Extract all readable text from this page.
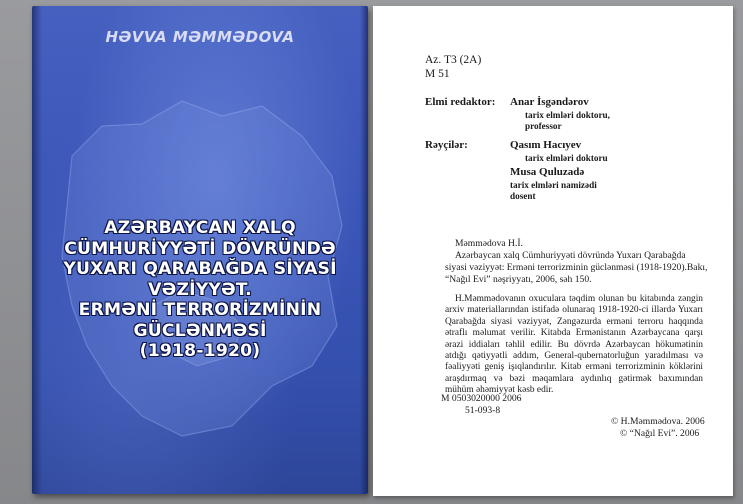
HƏVVA MƏMMƏDOVA
AZƏRBAYCAN XALQ
CÜMHURİYYƏTİ DÖVRÜNDƏ
YUXARI QARABAĞDA SİYASİ
VƏZİYYƏT.
ERMƏNİ TERRORİZMİNİN
GÜCLƏNMƏSİ
(1918-1920)
Az. T3 (2A)
M 51
Elmi redaktor: Anar İsgəndərov
tarix elmləri doktoru,
professor
Rəyçilər:	Qasım Hacıyev
tarix elmləri doktoru
Musa Quluzadə
tarix elmləri namizədi
dosent
Məmmədova H.İ.
Azərbaycan xalq Cümhuriyyəti dövründə Yuxarı Qarabağda
siyasi vəziyyət: Erməni terrorizminin güclənməsi (1918-1920).Bakı,
“Nağıl Evi” nəşriyyatı, 2006, səh 150.

H.Məmmədovanın oxuculara təqdim olunan bu kitabında zəngin arxiv materiallarından istifadə olunaraq 1918-1920-ci illərdə Yuxarı Qarabağda siyasi vəziyyət, Zəngəzurda erməni terroru haqqında ətraflı məlumat verilir. Kitabda Ermənistanın Azərbaycana qarşı ərazi iddiaları təhlil edilir. Bu dövrdə Azərbaycan hökumətinin atdığı qətiyyətli addım, General-qubernatorluğun yaradılması və fəaliyyəti geniş işıqlandırılır. Kitab erməni terrorizminin köklərini araşdırmaq və bəzi məqamlara aydınlıq gətirmək baxımından mühüm əhəmiyyət kəsb edir.

M 0503020000 2006
51-093-8
© H.Məmmədova. 2006
© “Nağıl Evi”. 2006
